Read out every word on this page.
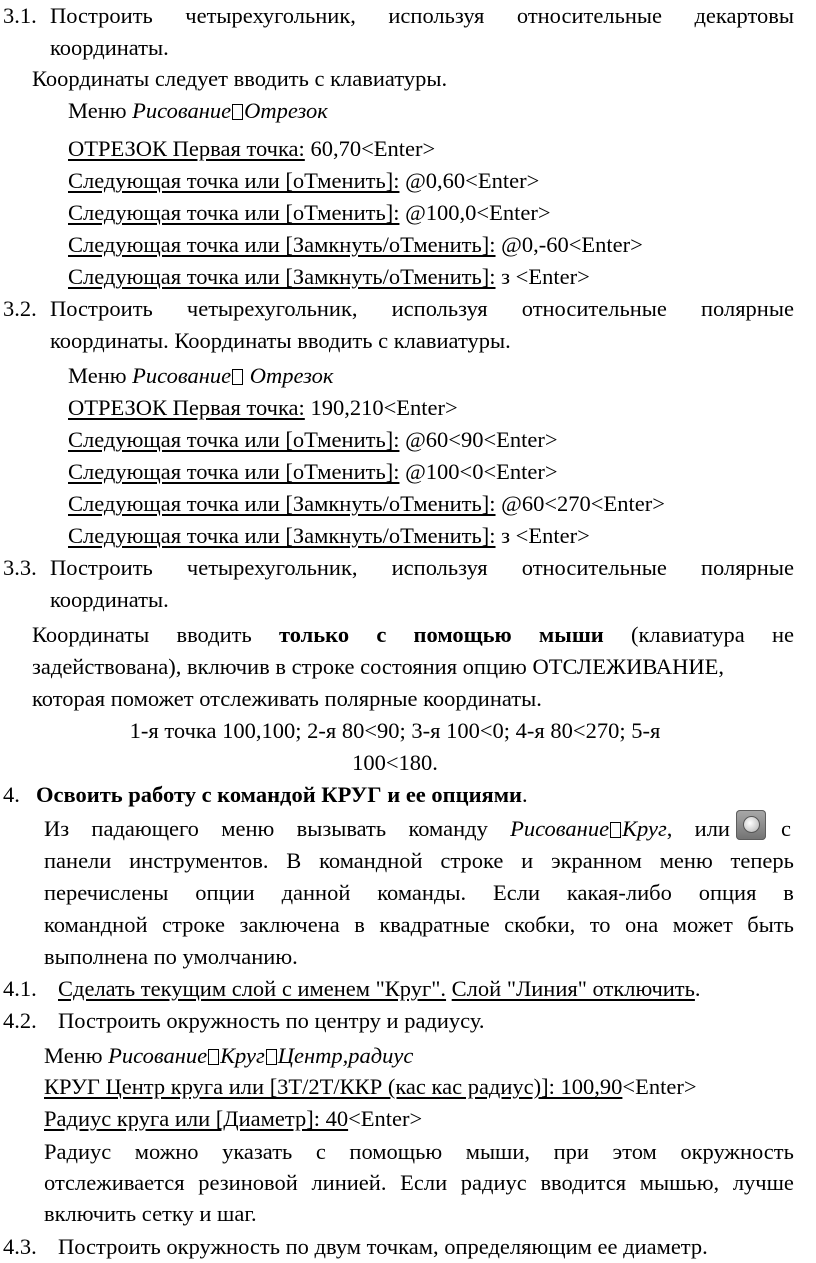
3.1. Построить четырехугольник, используя относительные декартовы
координаты.
Координаты следует вводить с клавиатуры.
Меню Рисование Отрезок
ОТРЕЗОК Первая точка: 60,70<Enter>
Следующая точка или [оТменить]: @0,60<Enter>
Следующая точка или [оТменить]: @100,0<Enter>
Следующая точка или [Замкнуть/оТменить]: @0,-60<Enter>
Следующая точка или [Замкнуть/оТменить]: з <Enter>
3.2. Построить четырехугольник, используя относительные полярные
координаты. Координаты вводить с клавиатуры.
Меню Рисование Отрезок
ОТРЕЗОК Первая точка: 190,210<Enter>
Следующая точка или [оТменить]: @60<90<Enter>
Следующая точка или [оТменить]: @100<0<Enter>
Следующая точка или [Замкнуть/оТменить]: @60<270<Enter>
Следующая точка или [Замкнуть/оТменить]: з <Enter>
3.3. Построить четырехугольник, используя относительные полярные
координаты.
Координаты вводить только с помощью мыши (клавиатура не
задействована), включив в строке состояния опцию ОТСЛЕЖИВАНИЕ,
которая поможет отслеживать полярные координаты.
1-я точка 100,100; 2-я 80<90; 3-я 100<0; 4-я 80<270; 5-я
100<180.
4. Освоить работу с командой КРУГ и ее опциями.
Из падающего меню вызывать команду Рисование Круг, или с
панели инструментов. В командной строке и экранном меню теперь
перечислены опции данной команды. Если какая-либо опция в
командной строке заключена в квадратные скобки, то она может быть
выполнена по умолчанию.
4.1. Сделать текущим слой с именем "Круг". Слой "Линия" отключить.
4.2. Построить окружность по центру и радиусу.
Меню Рисование Круг Центр,радиус
КРУГ Центр круга или [3Т/2Т/ККР (кас кас радиус)]: 100,90<Enter>
Радиус круга или [Диаметр]: 40<Enter>
Радиус можно указать с помощью мыши, при этом окружность
отслеживается резиновой линией. Если радиус вводится мышью, лучше
включить сетку и шаг.
4.3. Построить окружность по двум точкам, определяющим ее диаметр.
